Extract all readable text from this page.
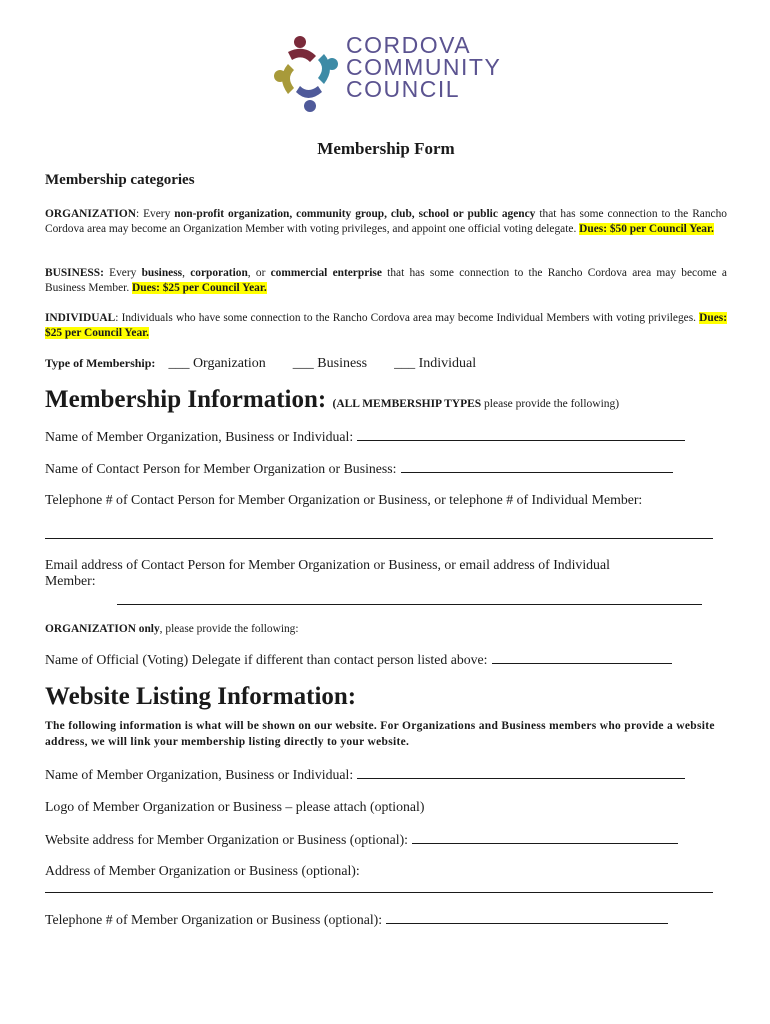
CORDOVA
COMMUNITY
COUNCIL
Membership Form
Membership categories
ORGANIZATION: Every non-profit organization, community group, club, school or public agency that has some connection to the Rancho Cordova area may become an Organization Member with voting privileges, and appoint one official voting delegate. Dues: $50 per Council Year.
BUSINESS: Every business, corporation, or commercial enterprise that has some connection to the Rancho Cordova area may become a Business Member. Dues: $25 per Council Year.
INDIVIDUAL: Individuals who have some connection to the Rancho Cordova area may become Individual Members with voting privileges. Dues: $25 per Council Year.
Type of Membership: ___ Organization ___ Business ___ Individual
Membership Information: (ALL MEMBERSHIP TYPES please provide the following)
Name of Member Organization, Business or Individual:
Name of Contact Person for Member Organization or Business:
Telephone # of Contact Person for Member Organization or Business, or telephone # of Individual Member:
Email address of Contact Person for Member Organization or Business, or email address of Individual
Member:
ORGANIZATION only, please provide the following:
Name of Official (Voting) Delegate if different than contact person listed above:
Website Listing Information:
The following information is what will be shown on our website. For Organizations and Business members who provide a website address, we will link your membership listing directly to your website.
Name of Member Organization, Business or Individual:
Logo of Member Organization or Business – please attach (optional)
Website address for Member Organization or Business (optional):
Address of Member Organization or Business (optional):
Telephone # of Member Organization or Business (optional):
